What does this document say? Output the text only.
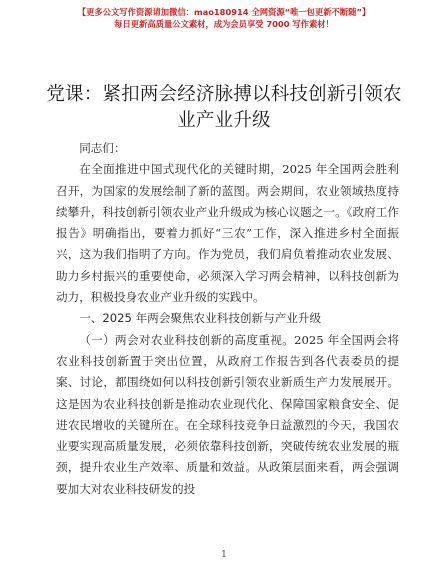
【更多公文写作资源请加微信：mao180914 全网资源“唯一包更新不断随”】
每日更新高质量公文素材，成为会员享受 7000 写作素材！
党课：紧扣两会经济脉搏以科技创新引领农业产业升级

同志们：

在全面推进中国式现代化的关键时期，2025 年全国两会胜利召开，为国家的发展绘制了新的蓝图。两会期间，农业领域热度持续攀升，科技创新引领农业产业升级成为核心议题之一。《政府工作报告》明确指出，要着力抓好“三农”工作，深入推进乡村全面振兴，这为我们指明了方向。作为党员，我们肩负着推动农业发展、助力乡村振兴的重要使命，必须深入学习两会精神，以科技创新为动力，积极投身农业产业升级的实践中。

一、2025 年两会聚焦农业科技创新与产业升级

（一）两会对农业科技创新的高度重视。2025 年全国两会将农业科技创新置于突出位置，从政府工作报告到各代表委员的提案、讨论，都围绕如何以科技创新引领农业新质生产力发展展开。这是因为农业科技创新是推动农业现代化、保障国家粮食安全、促进农民增收的关键所在。在全球科技竞争日益激烈的今天，我国农业要实现高质量发展，必须依靠科技创新，突破传统农业发展的瓶颈，提升农业生产效率、质量和效益。从政策层面来看，两会强调要加大对农业科技研发的投

1
